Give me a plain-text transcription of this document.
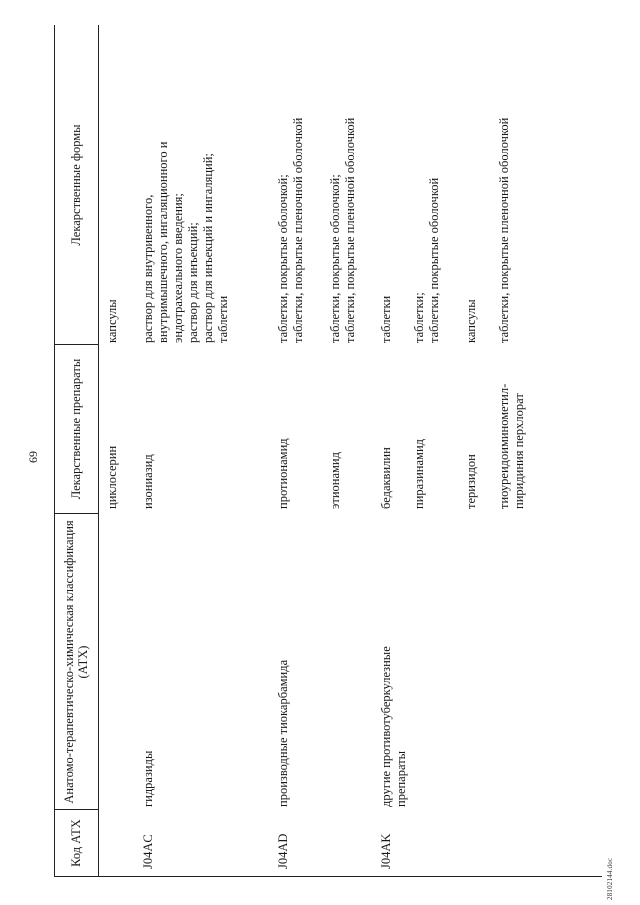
69
Код АТХ
Анатомо-терапевтическо-химическая классификация (АТХ)
Лекарственные препараты
Лекарственные формы
циклосерин
капсулы
J04AC
гидразиды
изониазид
раствор для внутривенного,
внутримышечного, ингаляционного и
эндотрахеального введения;
раствор для инъекций;
раствор для инъекций и ингаляций;
таблетки
J04AD
производные тиокарбамида
протионамид
таблетки, покрытые оболочкой;
таблетки, покрытые пленочной оболочкой
этионамид
таблетки, покрытые оболочкой;
таблетки, покрытые пленочной оболочкой
J04AK
другие противотуберкулезные
препараты
бедаквилин
таблетки
пиразинамид
таблетки;
таблетки, покрытые оболочкой
теризидон
капсулы
тиоуреидоиминометил-
пиридиния перхлорат
таблетки, покрытые пленочной оболочкой
28102144.doc
